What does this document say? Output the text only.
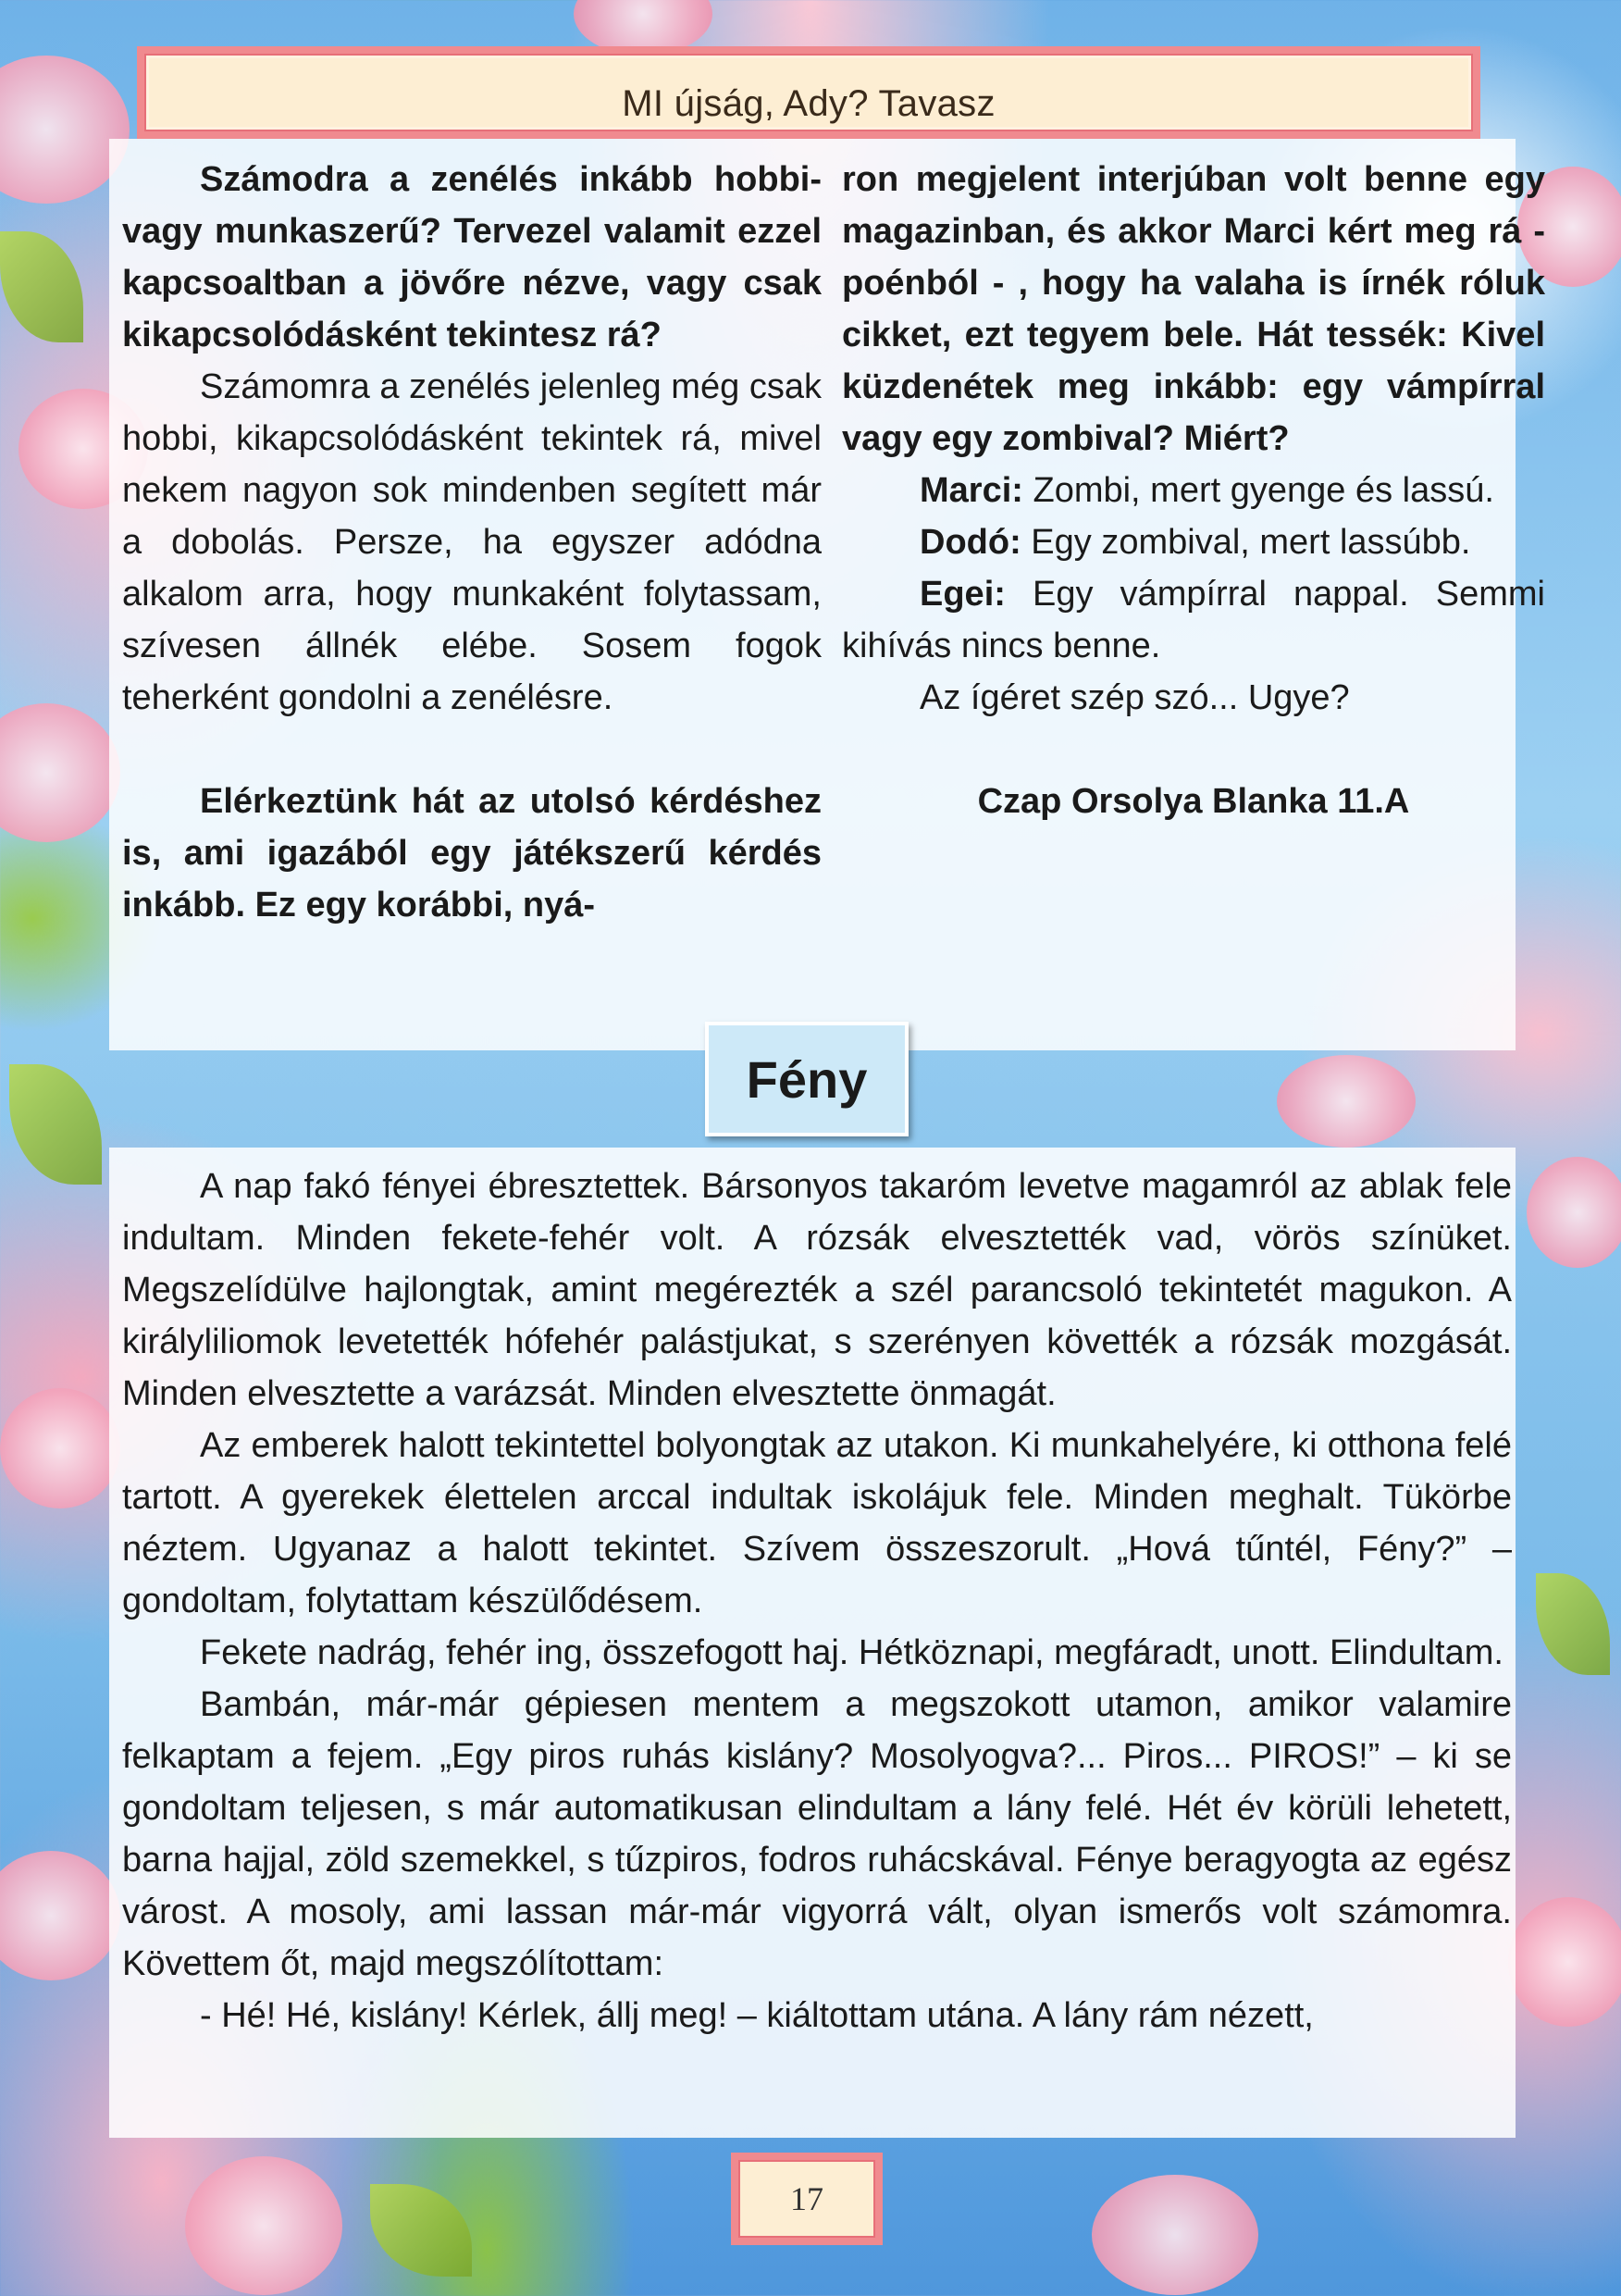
MI újság, Ady? Tavasz

Számodra a zenélés inkább hobbi- vagy munkaszerű? Tervezel valamit ezzel kapcsoaltban a jövőre nézve, vagy csak kikapcsolódásként tekintesz rá?

Számomra a zenélés jelenleg még csak hobbi, kikapcsolódásként tekintek rá, mivel nekem nagyon sok mindenben segített már a dobolás. Persze, ha egyszer adódna alkalom arra, hogy munkaként folytassam, szívesen állnék elébe. Sosem fogok teherként gondolni a zenélésre.

Elérkeztünk hát az utolsó kérdéshez is, ami igazából egy játékszerű kérdés inkább. Ez egy korábbi, nyá-

ron megjelent interjúban volt benne egy magazinban, és akkor Marci kért meg rá - poénból - , hogy ha valaha is írnék róluk cikket, ezt tegyem bele. Hát tessék: Kivel küzdenétek meg inkább: egy vámpírral vagy egy zombival? Miért?

Marci: Zombi, mert gyenge és lassú.

Dodó: Egy zombival, mert lassúbb.

Egei: Egy vámpírral nappal. Semmi kihívás nincs benne.

Az ígéret szép szó... Ugye?

Czap Orsolya Blanka 11.A

Fény

A nap fakó fényei ébresztettek. Bársonyos takaróm levetve magamról az ablak fele indultam. Minden fekete-fehér volt. A rózsák elvesztették vad, vörös színüket. Megszelídülve hajlongtak, amint megérezték a szél parancsoló tekintetét magukon. A királyliliomok levetették hófehér palástjukat, s szerényen követték a rózsák mozgását. Minden elvesztette a varázsát. Minden elvesztette önmagát.

Az emberek halott tekintettel bolyongtak az utakon. Ki munkahelyére, ki otthona felé tartott. A gyerekek élettelen arccal indultak iskolájuk fele. Minden meghalt. Tükörbe néztem. Ugyanaz a halott tekintet. Szívem összeszorult. „Hová tűntél, Fény?” – gondoltam, folytattam készülődésem.

Fekete nadrág, fehér ing, összefogott haj. Hétköznapi, megfáradt, unott. Elindultam.

Bambán, már-már gépiesen mentem a megszokott utamon, amikor valamire felkaptam a fejem. „Egy piros ruhás kislány? Mosolyogva?... Piros... PIROS!” – ki se gondoltam teljesen, s már automatikusan elindultam a lány felé. Hét év körüli lehetett, barna hajjal, zöld szemekkel, s tűzpiros, fodros ruhácskával. Fénye beragyogta az egész várost. A mosoly, ami lassan már-már vigyorrá vált, olyan ismerős volt számomra. Követtem őt, majd megszólítottam:

- Hé! Hé, kislány! Kérlek, állj meg! – kiáltottam utána. A lány rám nézett,

17
